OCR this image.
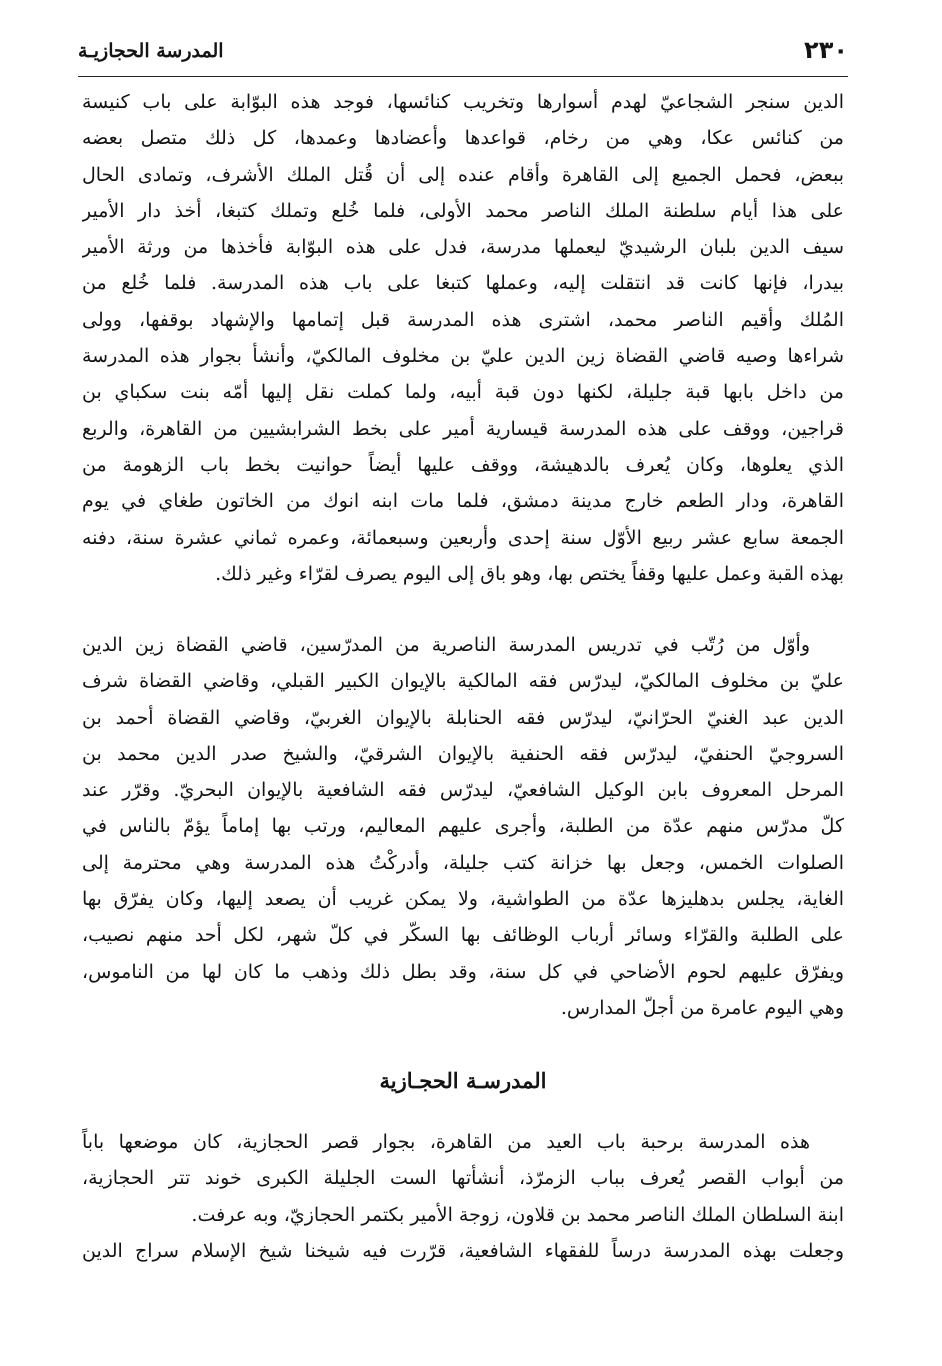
٢٣٠
المدرسة الحجازيـة
الدين سنجر الشجاعيّ لهدم أسوارها وتخريب كنائسها، فوجد هذه البوّابة على باب كنيسة
من كنائس عكا، وهي من رخام، قواعدها وأعضادها وعمدها، كل ذلك متصل بعضه
ببعض، فحمل الجميع إلى القاهرة وأقام عنده إلى أن قُتل الملك الأشرف، وتمادى الحال
على هذا أيام سلطنة الملك الناصر محمد الأولى، فلما خُلع وتملك كتبغا، أخذ دار الأمير
سيف الدين بلبان الرشيديّ ليعملها مدرسة، فدل على هذه البوّابة فأخذها من ورثة الأمير
بيدرا، فإنها كانت قد انتقلت إليه، وعملها كتبغا على باب هذه المدرسة. فلما خُلع من
المُلك وأقيم الناصر محمد، اشترى هذه المدرسة قبل إتمامها والإشهاد بوقفها، وولى
شراءها وصيه قاضي القضاة زين الدين عليّ بن مخلوف المالكيّ، وأنشأ بجوار هذه المدرسة
من داخل بابها قبة جليلة، لكنها دون قبة أبيه، ولما كملت نقل إليها أمّه بنت سكباي بن
قراجين، ووقف على هذه المدرسة قيسارية أمير على بخط الشرابشيين من القاهرة، والربع
الذي يعلوها، وكان يُعرف بالدهيشة، ووقف عليها أيضاً حوانيت بخط باب الزهومة من
القاهرة، ودار الطعم خارج مدينة دمشق، فلما مات ابنه انوك من الخاتون طغاي في يوم
الجمعة سابع عشر ربيع الأوّل سنة إحدى وأربعين وسبعمائة، وعمره ثماني عشرة سنة، دفنه
بهذه القبة وعمل عليها وقفاً يختص بها، وهو باق إلى اليوم يصرف لقرّاء وغير ذلك.
وأوّل من رُتّب في تدريس المدرسة الناصرية من المدرّسين، قاضي القضاة زين الدين
عليّ بن مخلوف المالكيّ، ليدرّس فقه المالكية بالإيوان الكبير القبلي، وقاضي القضاة شرف
الدين عبد الغنيّ الحرّانيّ، ليدرّس فقه الحنابلة بالإيوان الغربيّ، وقاضي القضاة أحمد بن
السروجيّ الحنفيّ، ليدرّس فقه الحنفية بالإيوان الشرقيّ، والشيخ صدر الدين محمد بن
المرحل المعروف بابن الوكيل الشافعيّ، ليدرّس فقه الشافعية بالإيوان البحريّ. وقرّر عند
كلّ مدرّس منهم عدّة من الطلبة، وأجرى عليهم المعاليم، ورتب بها إماماً يؤمّ بالناس في
الصلوات الخمس، وجعل بها خزانة كتب جليلة، وأدركْتُ هذه المدرسة وهي محترمة إلى
الغاية، يجلس بدهليزها عدّة من الطواشية، ولا يمكن غريب أن يصعد إليها، وكان يفرّق بها
على الطلبة والقرّاء وسائر أرباب الوظائف بها السكّر في كلّ شهر، لكل أحد منهم نصيب،
ويفرّق عليهم لحوم الأضاحي في كل سنة، وقد بطل ذلك وذهب ما كان لها من الناموس،
وهي اليوم عامرة من أجلّ المدارس.
المدرسـة الحجـازية
هذه المدرسة برحبة باب العيد من القاهرة، بجوار قصر الحجازية، كان موضعها باباً
من أبواب القصر يُعرف بباب الزمرّذ، أنشأتها الست الجليلة الكبرى خوند تتر الحجازية،
ابنة السلطان الملك الناصر محمد بن قلاون، زوجة الأمير بكتمر الحجازيّ، وبه عرفت.
وجعلت بهذه المدرسة درساً للفقهاء الشافعية، قرّرت فيه شيخنا شيخ الإسلام سراج الدين
